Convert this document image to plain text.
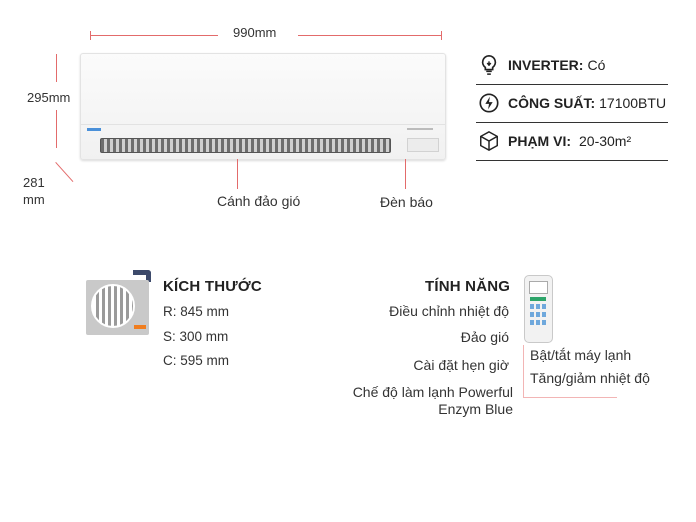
990mm
295mm
281
mm	Cánh đảo gió	Đèn báo
INVERTER: Có
CÔNG SUẤT: 17100BTU
PHẠM VI: 20-30m²
KÍCH THƯỚC
R: 845 mm
S: 300 mm
C: 595 mm
TÍNH NĂNG
Điều chỉnh nhiệt độ
Đảo gió
Cài đặt hẹn giờ
Chế độ làm lạnh Powerful
Enzym Blue
Bật/tắt máy lạnh
Tăng/giảm nhiệt độ
